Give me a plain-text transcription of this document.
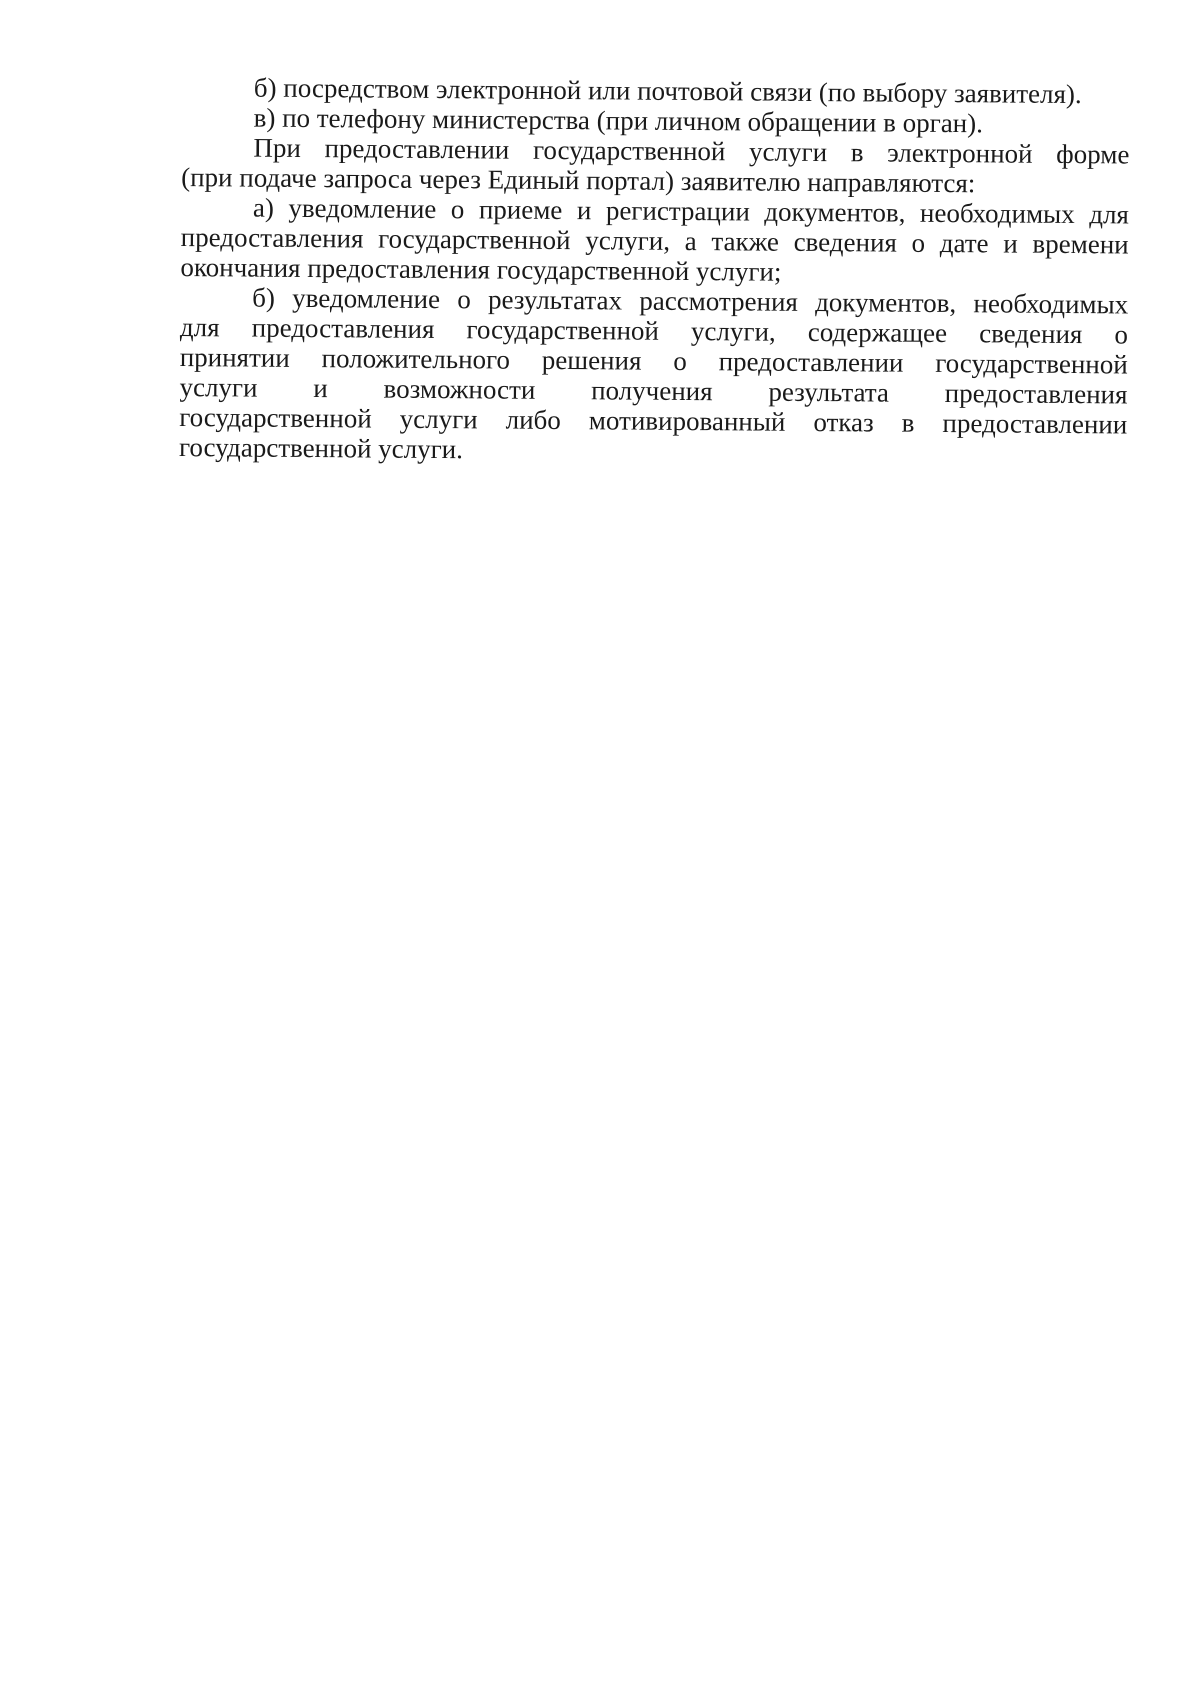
б) посредством электронной или почтовой связи (по выбору заявителя).
в) по телефону министерства (при личном обращении в орган).
При предоставлении государственной услуги в электронной форме
(при подаче запроса через Единый портал) заявителю направляются:
а) уведомление о приеме и регистрации документов, необходимых для
предоставления государственной услуги, а также сведения о дате и времени
окончания предоставления государственной услуги;
б) уведомление о результатах рассмотрения документов, необходимых
для предоставления государственной услуги, содержащее сведения о
принятии положительного решения о предоставлении государственной
услуги и возможности получения результата предоставления
государственной услуги либо мотивированный отказ в предоставлении
государственной услуги.
